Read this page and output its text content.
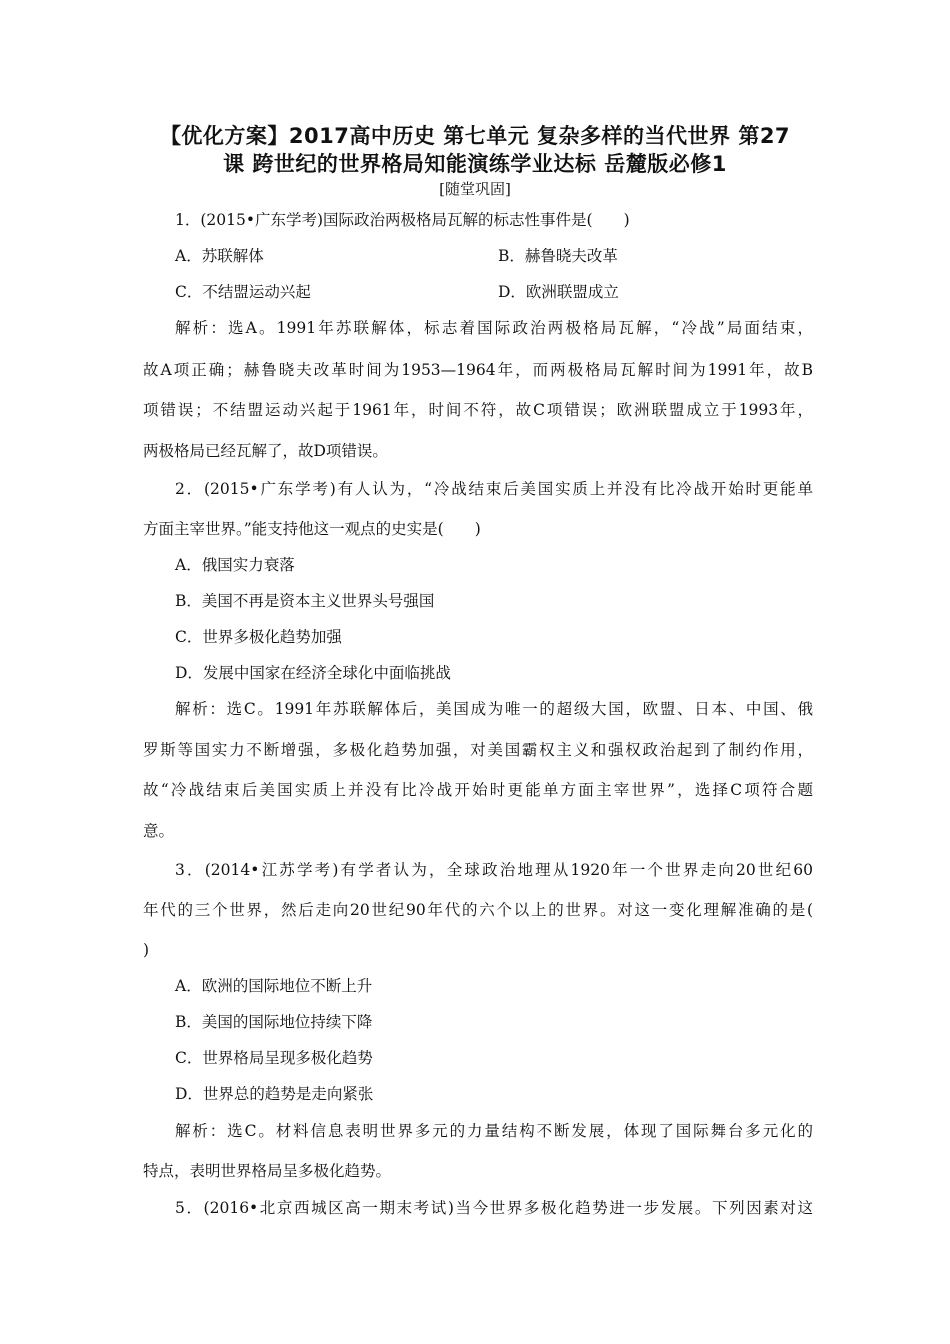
【优化方案】2017高中历史 第七单元 复杂多样的当代世界 第27
课 跨世纪的世界格局知能演练学业达标 岳麓版必修1
[随堂巩固]
1．(2015•广东学考)国际政治两极格局瓦解的标志性事件是(　　)
A．苏联解体	B．赫鲁晓夫改革
C．不结盟运动兴起	D．欧洲联盟成立
解析：选A。1991年苏联解体，标志着国际政治两极格局瓦解，“冷战”局面结束，
故A项正确；赫鲁晓夫改革时间为1953—1964年，而两极格局瓦解时间为1991年，故B
项错误；不结盟运动兴起于1961年，时间不符，故C项错误；欧洲联盟成立于1993年，
两极格局已经瓦解了，故D项错误。
2．(2015•广东学考)有人认为，“冷战结束后美国实质上并没有比冷战开始时更能单
方面主宰世界。”能支持他这一观点的史实是(　　)
A．俄国实力衰落
B．美国不再是资本主义世界头号强国
C．世界多极化趋势加强
D．发展中国家在经济全球化中面临挑战
解析：选C。1991年苏联解体后，美国成为唯一的超级大国，欧盟、日本、中国、俄
罗斯等国实力不断增强，多极化趋势加强，对美国霸权主义和强权政治起到了制约作用，
故“冷战结束后美国实质上并没有比冷战开始时更能单方面主宰世界”，选择C项符合题
意。
3．(2014•江苏学考)有学者认为，全球政治地理从1920年一个世界走向20世纪60
年代的三个世界，然后走向20世纪90年代的六个以上的世界。对这一变化理解准确的是(
)
A．欧洲的国际地位不断上升
B．美国的国际地位持续下降
C．世界格局呈现多极化趋势
D．世界总的趋势是走向紧张
解析：选C。材料信息表明世界多元的力量结构不断发展，体现了国际舞台多元化的
特点，表明世界格局呈多极化趋势。
5．(2016•北京西城区高一期末考试)当今世界多极化趋势进一步发展。下列因素对这
